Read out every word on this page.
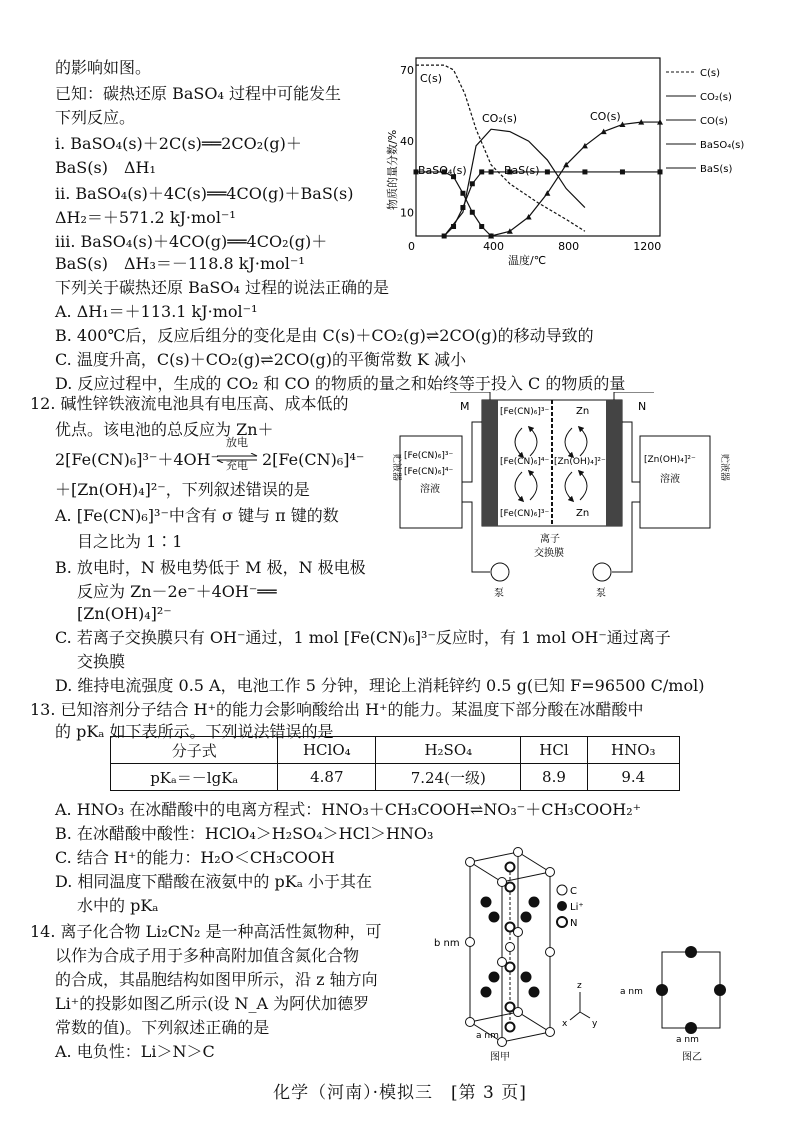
的影响如图。
已知：碳热还原 BaSO₄ 过程中可能发生
下列反应。
ⅰ. BaSO₄(s)＋2C(s)══2CO₂(g)＋
BaS(s)　ΔH₁
ⅱ. BaSO₄(s)＋4C(s)══4CO(g)＋BaS(s)
ΔH₂＝＋571.2 kJ·mol⁻¹
ⅲ. BaSO₄(s)＋4CO(g)══4CO₂(g)＋
BaS(s)　ΔH₃＝－118.8 kJ·mol⁻¹
下列关于碳热还原 BaSO₄ 过程的说法正确的是
A. ΔH₁＝＋113.1 kJ·mol⁻¹
B. 400℃后，反应后组分的变化是由 C(s)＋CO₂(g)⇌2CO(g)的移动导致的
C. 温度升高，C(s)＋CO₂(g)⇌2CO(g)的平衡常数 K 减小
D. 反应过程中，生成的 CO₂ 和 CO 的物质的量之和始终等于投入 C 的物质的量
0	400	800	1200
10
40
70
物质的量分数/%
温度/℃
C(s)
CO₂(s)	CO(s)
BaSO₄(s)	BaS(s)
C(s)
CO₂(s)
CO(s)
BaSO₄(s)
BaS(s)
12. 碱性锌铁液流电池具有电压高、成本低的
优点。该电池的总反应为 Zn＋
2[Fe(CN)₆]³⁻＋4OH⁻
放电
充电 2[Fe(CN)₆]⁴⁻
＋[Zn(OH)₄]²⁻，下列叙述错误的是
A. [Fe(CN)₆]³⁻中含有 σ 键与 π 键的数
目之比为 1∶1
B. 放电时，N 极电势低于 M 极，N 极电极
反应为 Zn－2e⁻＋4OH⁻══
[Zn(OH)₄]²⁻
C. 若离子交换膜只有 OH⁻通过，1 mol [Fe(CN)₆]³⁻反应时，有 1 mol OH⁻通过离子
交换膜
D. 维持电流强度 0.5 A，电池工作 5 分钟，理论上消耗锌约 0.5 g(已知 F=96500 C/mol)
M	N
[Fe(CN)₆]³⁻
[Fe(CN)₆]⁴⁻
[Fe(CN)₆]³⁻
Zn
[Zn(OH)₄]²⁻
Zn
[Fe(CN)₆]³⁻
[Fe(CN)₆]⁴⁻
溶液
[Zn(OH)₄]²⁻
溶液
贮液器	贮液器
离子
交换膜
泵	泵
13. 已知溶剂分子结合 H⁺的能力会影响酸给出 H⁺的能力。某温度下部分酸在冰醋酸中
的 pKₐ 如下表所示。下列说法错误的是
分子式	HClO₄	H₂SO₄	HCl	HNO₃
pKₐ＝－lgKₐ	4.87	7.24(一级)	8.9	9.4
A. HNO₃ 在冰醋酸中的电离方程式：HNO₃＋CH₃COOH⇌NO₃⁻＋CH₃COOH₂⁺
B. 在冰醋酸中酸性：HClO₄＞H₂SO₄＞HCl＞HNO₃
C. 结合 H⁺的能力：H₂O＜CH₃COOH
D. 相同温度下醋酸在液氨中的 pKₐ 小于其在
水中的 pKₐ
14. 离子化合物 Li₂CN₂ 是一种高活性氮物种，可
以作为合成子用于多种高附加值含氮化合物
的合成，其晶胞结构如图甲所示，沿 z 轴方向
Li⁺的投影如图乙所示(设 N_A 为阿伏加德罗
常数的值)。下列叙述正确的是
A. 电负性：Li＞N＞C
b nm
a nm
图甲
C
Li⁺
N
z
x	y
a nm
a nm
图乙
化学（河南）·模拟三　[第 3 页]
